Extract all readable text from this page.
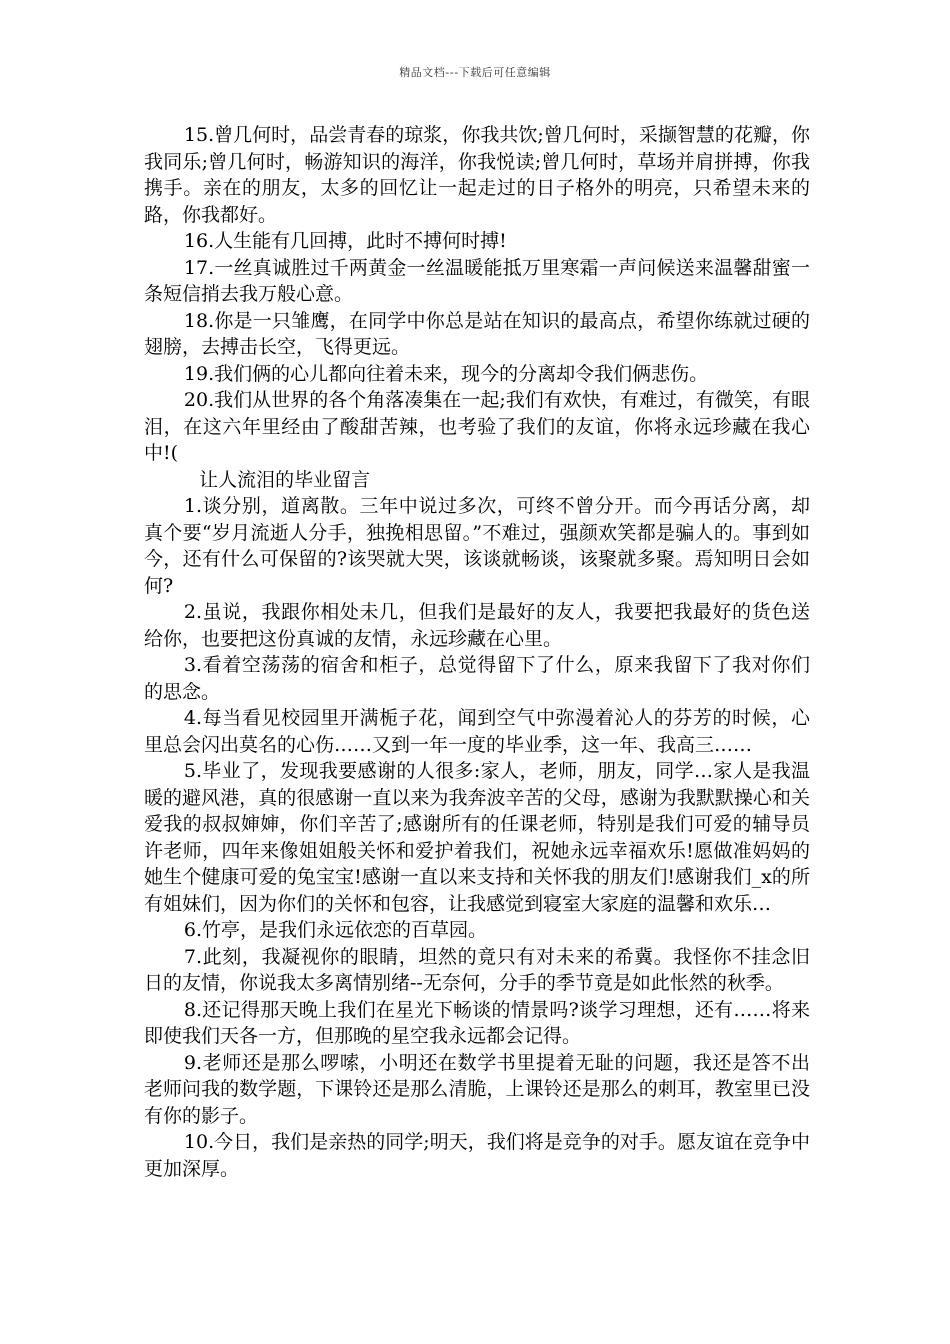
精品文档---下载后可任意编辑

15.曾几何时，品尝青春的琼浆，你我共饮;曾几何时，采撷智慧的花瓣，你我同乐;曾几何时，畅游知识的海洋，你我悦读;曾几何时，草场并肩拼搏，你我携手。亲在的朋友，太多的回忆让一起走过的日子格外的明亮，只希望未来的路，你我都好。

16.人生能有几回搏，此时不搏何时搏!

17.一丝真诚胜过千两黄金一丝温暖能抵万里寒霜一声问候送来温馨甜蜜一条短信捎去我万般心意。

18.你是一只雏鹰，在同学中你总是站在知识的最高点，希望你练就过硬的翅膀，去搏击长空，飞得更远。

19.我们俩的心儿都向往着未来，现今的分离却令我们俩悲伤。

20.我们从世界的各个角落凑集在一起;我们有欢快，有难过，有微笑，有眼泪，在这六年里经由了酸甜苦辣，也考验了我们的友谊，你将永远珍藏在我心中!(

让人流泪的毕业留言

1.谈分别，道离散。三年中说过多次，可终不曾分开。而今再话分离，却真个要“岁月流逝人分手，独挽相思留。”不难过，强颜欢笑都是骗人的。事到如今，还有什么可保留的?该哭就大哭，该谈就畅谈，该聚就多聚。焉知明日会如何?

2.虽说，我跟你相处未几，但我们是最好的友人，我要把我最好的货色送给你，也要把这份真诚的友情，永远珍藏在心里。

3.看着空荡荡的宿舍和柜子，总觉得留下了什么，原来我留下了我对你们的思念。

4.每当看见校园里开满栀子花，闻到空气中弥漫着沁人的芬芳的时候，心里总会闪出莫名的心伤……又到一年一度的毕业季，这一年、我高三……

5.毕业了，发现我要感谢的人很多:家人，老师，朋友，同学…家人是我温暖的避风港，真的很感谢一直以来为我奔波辛苦的父母，感谢为我默默操心和关爱我的叔叔婶婶，你们辛苦了;感谢所有的任课老师，特别是我们可爱的辅导员许老师，四年来像姐姐般关怀和爱护着我们，祝她永远幸福欢乐!愿做准妈妈的她生个健康可爱的兔宝宝!感谢一直以来支持和关怀我的朋友们!感谢我们_x的所有姐妹们，因为你们的关怀和包容，让我感觉到寝室大家庭的温馨和欢乐…

6.竹亭，是我们永远依恋的百草园。

7.此刻，我凝视你的眼睛，坦然的竟只有对未来的希冀。我怪你不挂念旧日的友情，你说我太多离情别绪--无奈何，分手的季节竟是如此怅然的秋季。

8.还记得那天晚上我们在星光下畅谈的情景吗?谈学习理想，还有……将来即使我们天各一方，但那晚的星空我永远都会记得。

9.老师还是那么啰嗦，小明还在数学书里提着无耻的问题，我还是答不出老师问我的数学题，下课铃还是那么清脆，上课铃还是那么的刺耳，教室里已没有你的影子。

10.今日，我们是亲热的同学;明天，我们将是竞争的对手。愿友谊在竞争中更加深厚。
